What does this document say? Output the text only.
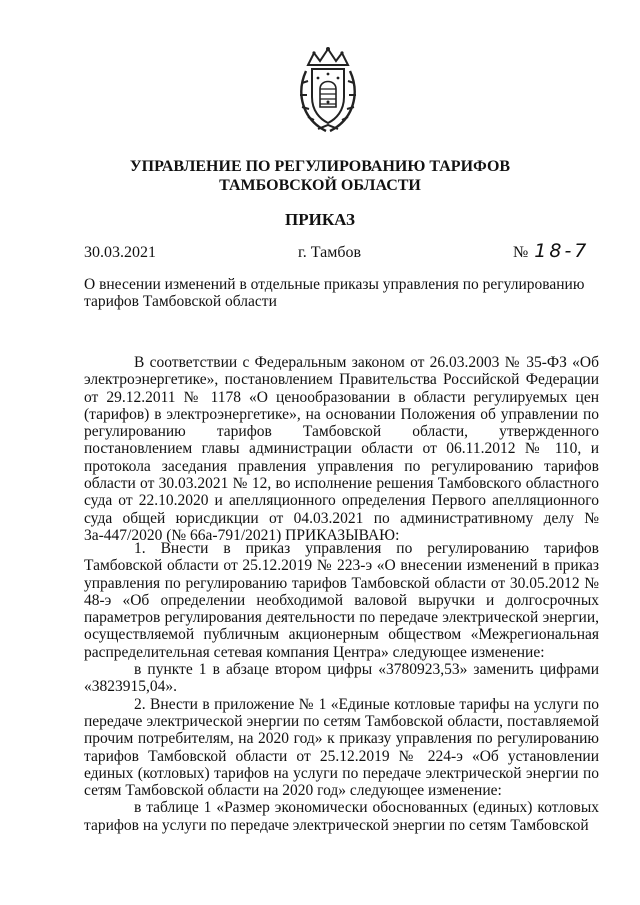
УПРАВЛЕНИЕ ПО РЕГУЛИРОВАНИЮ ТАРИФОВ
ТАМБОВСКОЙ ОБЛАСТИ
ПРИКАЗ
30.03.2021	г. Тамбов	№ 18-7
О внесении изменений в отдельные приказы управления по регулированию тарифов Тамбовской области

В соответствии с Федеральным законом от 26.03.2003 № 35-ФЗ «Об электроэнергетике», постановлением Правительства Российской Федерации от 29.12.2011 № 1178 «О ценообразовании в области регулируемых цен (тарифов) в электроэнергетике», на основании Положения об управлении по регулированию тарифов Тамбовской области, утвержденного постановлением главы администрации области от 06.11.2012 № 110, и протокола заседания правления управления по регулированию тарифов области от 30.03.2021 № 12, во исполнение решения Тамбовского областного суда от 22.10.2020 и апелляционного определения Первого апелляционного суда общей юрисдикции от 04.03.2021 по административному делу № 3а-447/2020 (№ 66а-791/2021) ПРИКАЗЫВАЮ:

1. Внести в приказ управления по регулированию тарифов Тамбовской области от 25.12.2019 № 223-э «О внесении изменений в приказ управления по регулированию тарифов Тамбовской области от 30.05.2012 № 48-э «Об определении необходимой валовой выручки и долгосрочных параметров регулирования деятельности по передаче электрической энергии, осуществляемой публичным акционерным обществом «Межрегиональная распределительная сетевая компания Центра» следующее изменение:

в пункте 1 в абзаце втором цифры «3780923,53» заменить цифрами «3823915,04».

2. Внести в приложение № 1 «Единые котловые тарифы на услуги по передаче электрической энергии по сетям Тамбовской области, поставляемой прочим потребителям, на 2020 год» к приказу управления по регулированию тарифов Тамбовской области от 25.12.2019 № 224-э «Об установлении единых (котловых) тарифов на услуги по передаче электрической энергии по сетям Тамбовской области на 2020 год» следующее изменение:

в таблице 1 «Размер экономически обоснованных (единых) котловых тарифов на услуги по передаче электрической энергии по сетям Тамбовской
